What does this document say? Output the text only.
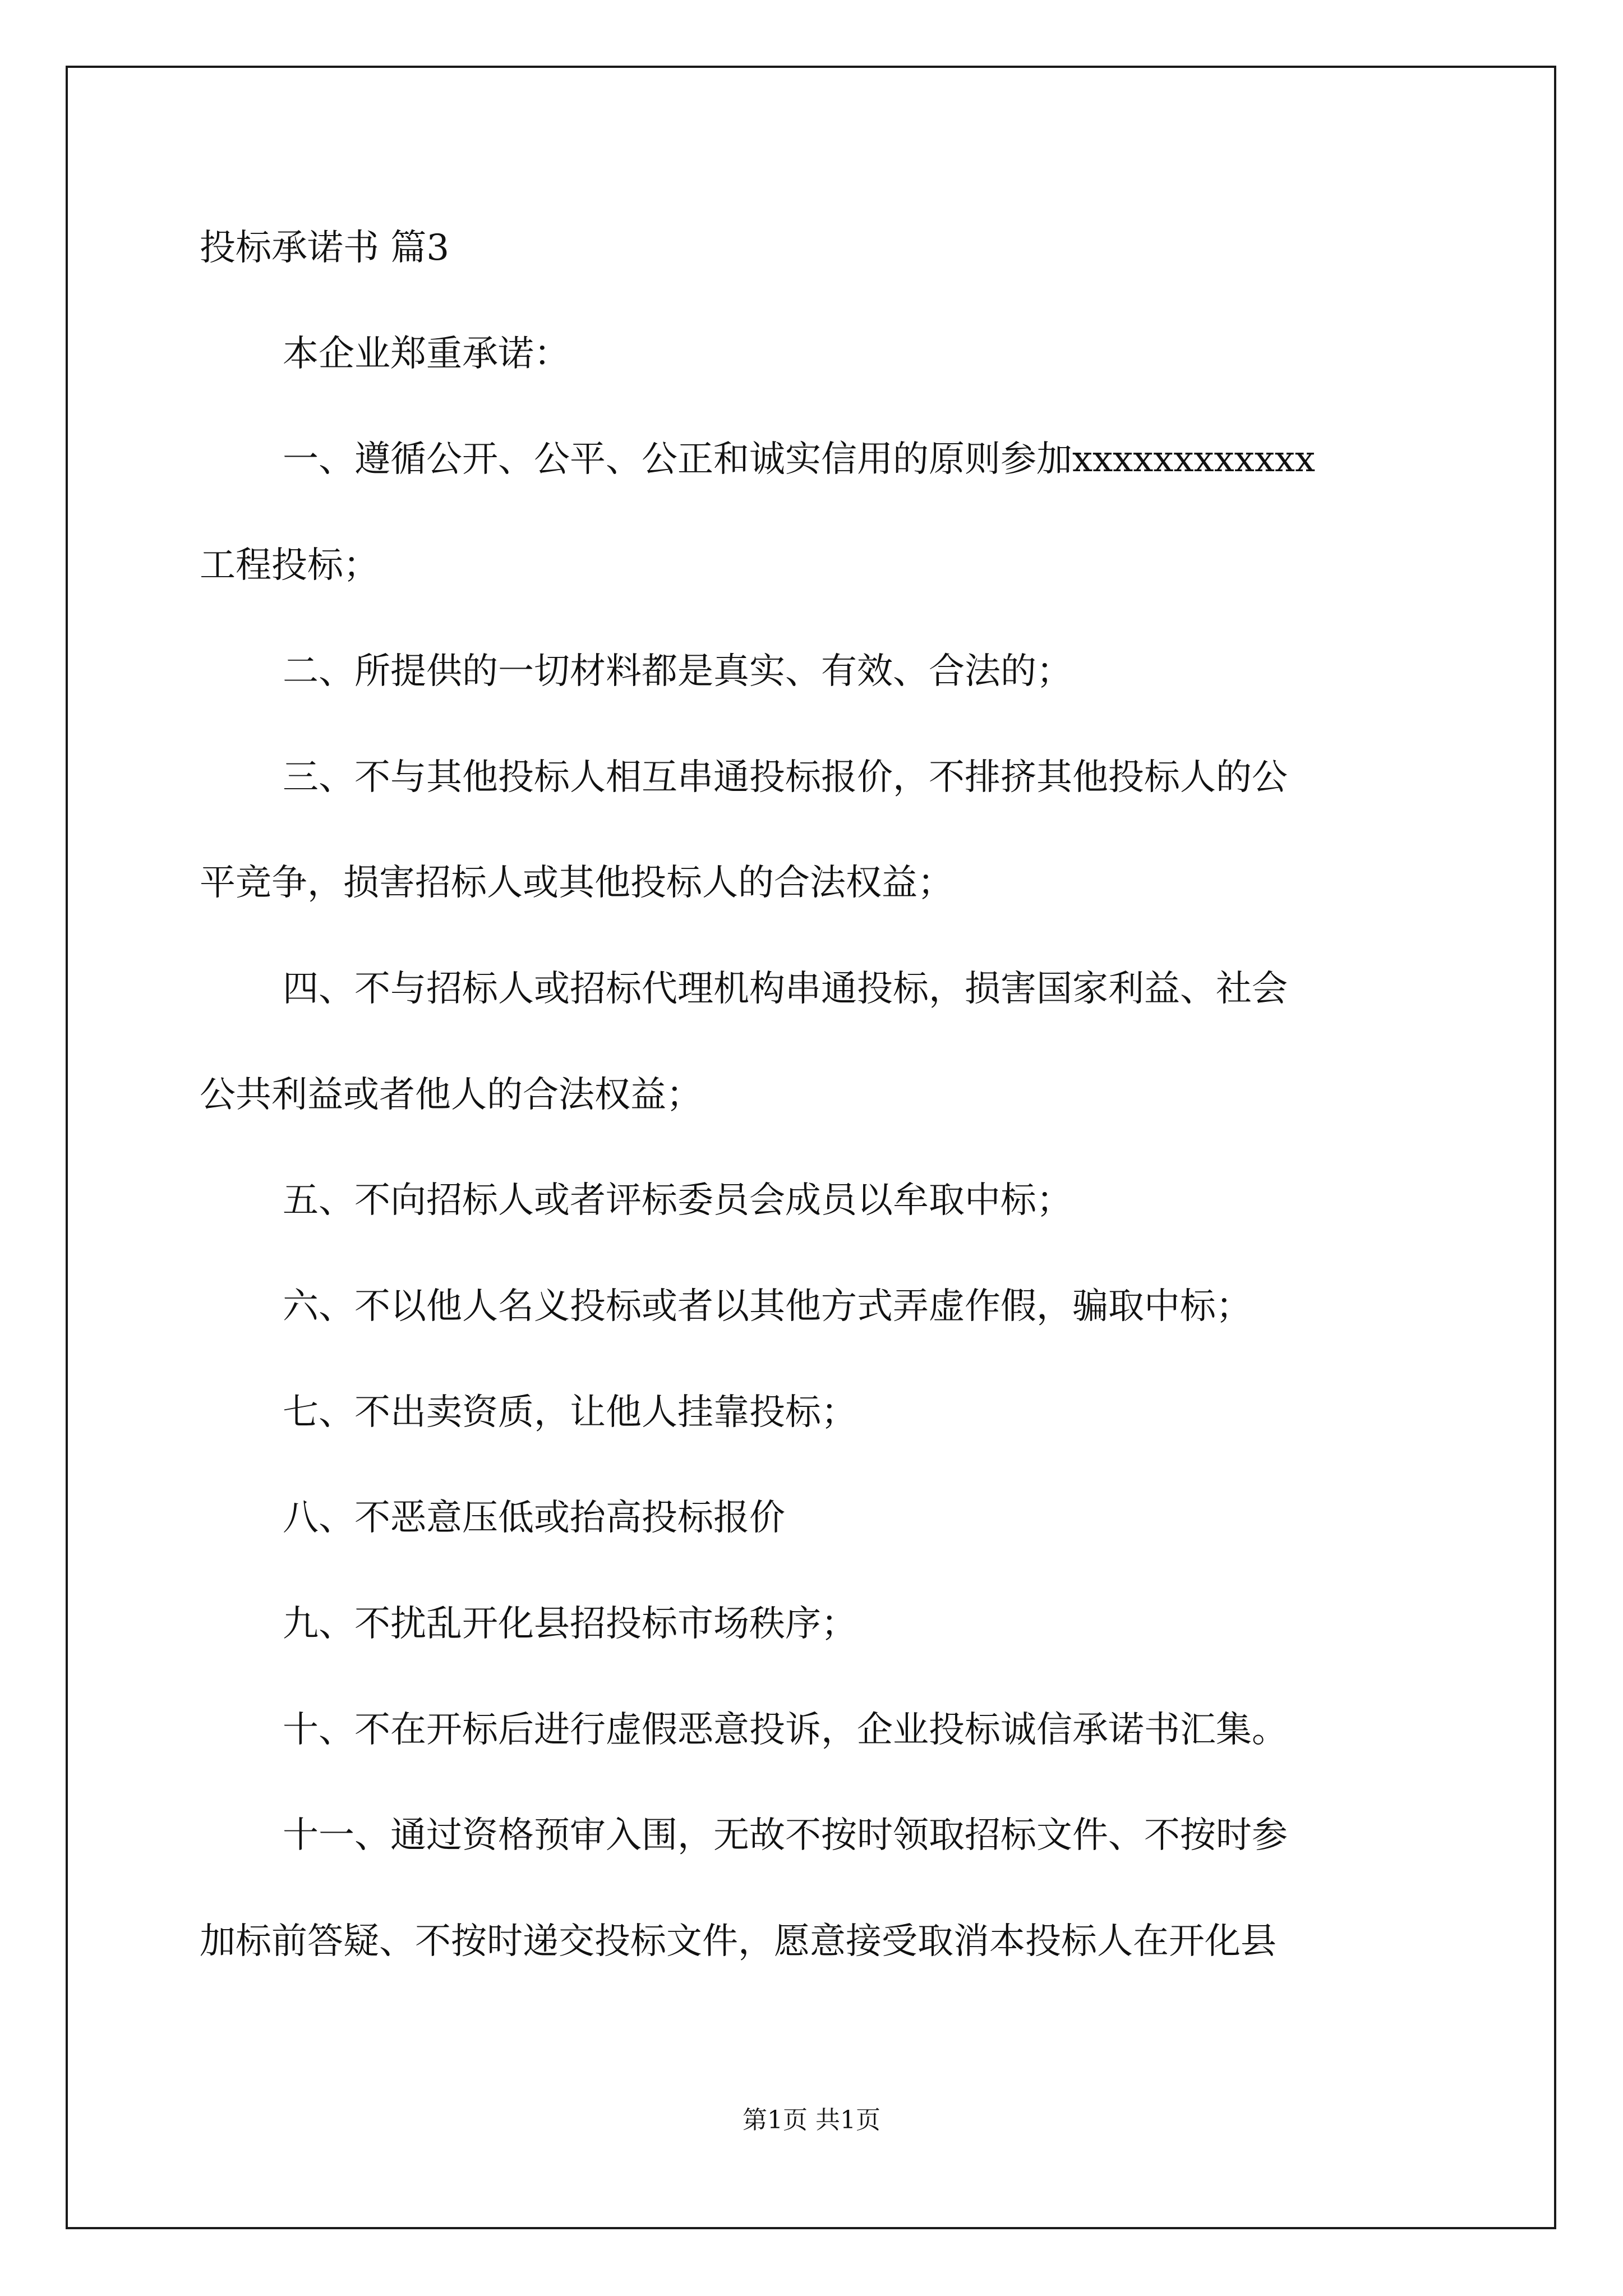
投标承诺书 篇3
本企业郑重承诺：
一、遵循公开、公平、公正和诚实信用的原则参加xxxxxxxxxxxx
工程投标；
二、所提供的一切材料都是真实、有效、合法的；
三、不与其他投标人相互串通投标报价，不排挤其他投标人的公
平竞争，损害招标人或其他投标人的合法权益；
四、不与招标人或招标代理机构串通投标，损害国家利益、社会
公共利益或者他人的合法权益；
五、不向招标人或者评标委员会成员以牟取中标；
六、不以他人名义投标或者以其他方式弄虚作假，骗取中标；
七、不出卖资质，让他人挂靠投标；
八、不恶意压低或抬高投标报价
九、不扰乱开化县招投标市场秩序；
十、不在开标后进行虚假恶意投诉，企业投标诚信承诺书汇集。
十一、通过资格预审入围，无故不按时领取招标文件、不按时参
加标前答疑、不按时递交投标文件，愿意接受取消本投标人在开化县
第1页 共1页
